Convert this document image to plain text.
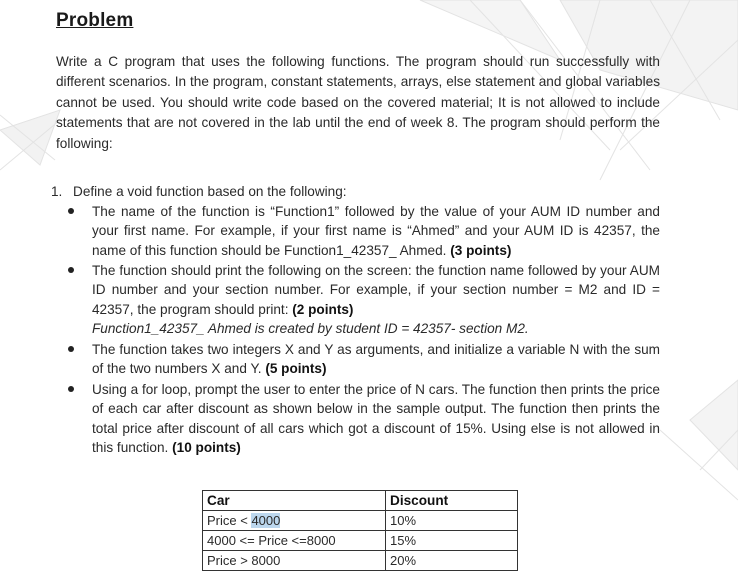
Problem

Write a C program that uses the following functions. The program should run successfully with different scenarios. In the program, constant statements, arrays, else statement and global variables cannot be used. You should write code based on the covered material; It is not allowed to include statements that are not covered in the lab until the end of week 8. The program should perform the following:

1. Define a void function based on the following:

The name of the function is “Function1” followed by the value of your AUM ID number and your first name. For example, if your first name is “Ahmed” and your AUM ID is 42357, the name of this function should be Function1_42357_ Ahmed. (3 points)

The function should print the following on the screen: the function name followed by your AUM ID number and your section number. For example, if your section number = M2 and ID = 42357, the program should print: (2 points)

Function1_42357_ Ahmed is created by student ID = 42357- section M2.

The function takes two integers X and Y as arguments, and initialize a variable N with the sum of the two numbers X and Y. (5 points)

Using a for loop, prompt the user to enter the price of N cars. The function then prints the price of each car after discount as shown below in the sample output. The function then prints the total price after discount of all cars which got a discount of 15%. Using else is not allowed in this function. (10 points)

Car	Discount
Price < 4000	10%
4000 <= Price <=8000	15%
Price > 8000	20%
